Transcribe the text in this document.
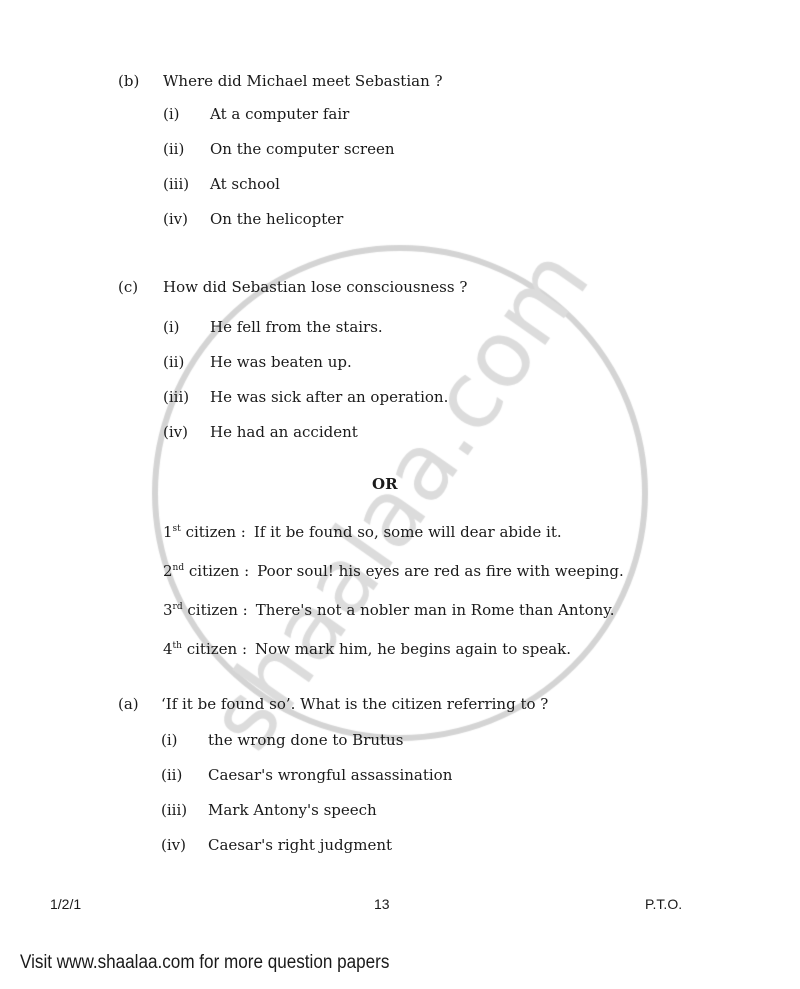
(b) Where did Michael meet Sebastian ?
(i) At a computer fair
(ii) On the computer screen
(iii) At school
(iv) On the helicopter
(c) How did Sebastian lose consciousness ?
(i) He fell from the stairs.
(ii) He was beaten up.
(iii) He was sick after an operation.
(iv) He had an accident
OR
1st citizen : If it be found so, some will dear abide it.
2nd citizen : Poor soul! his eyes are red as fire with weeping.
3rd citizen : There's not a nobler man in Rome than Antony.
4th citizen : Now mark him, he begins again to speak.
(a) ‘If it be found so’. What is the citizen referring to ?
(i) the wrong done to Brutus
(ii) Caesar's wrongful assassination
(iii) Mark Antony's speech
(iv) Caesar's right judgment
1/2/1	13	P.T.O.
Visit www.shaalaa.com for more question papers
